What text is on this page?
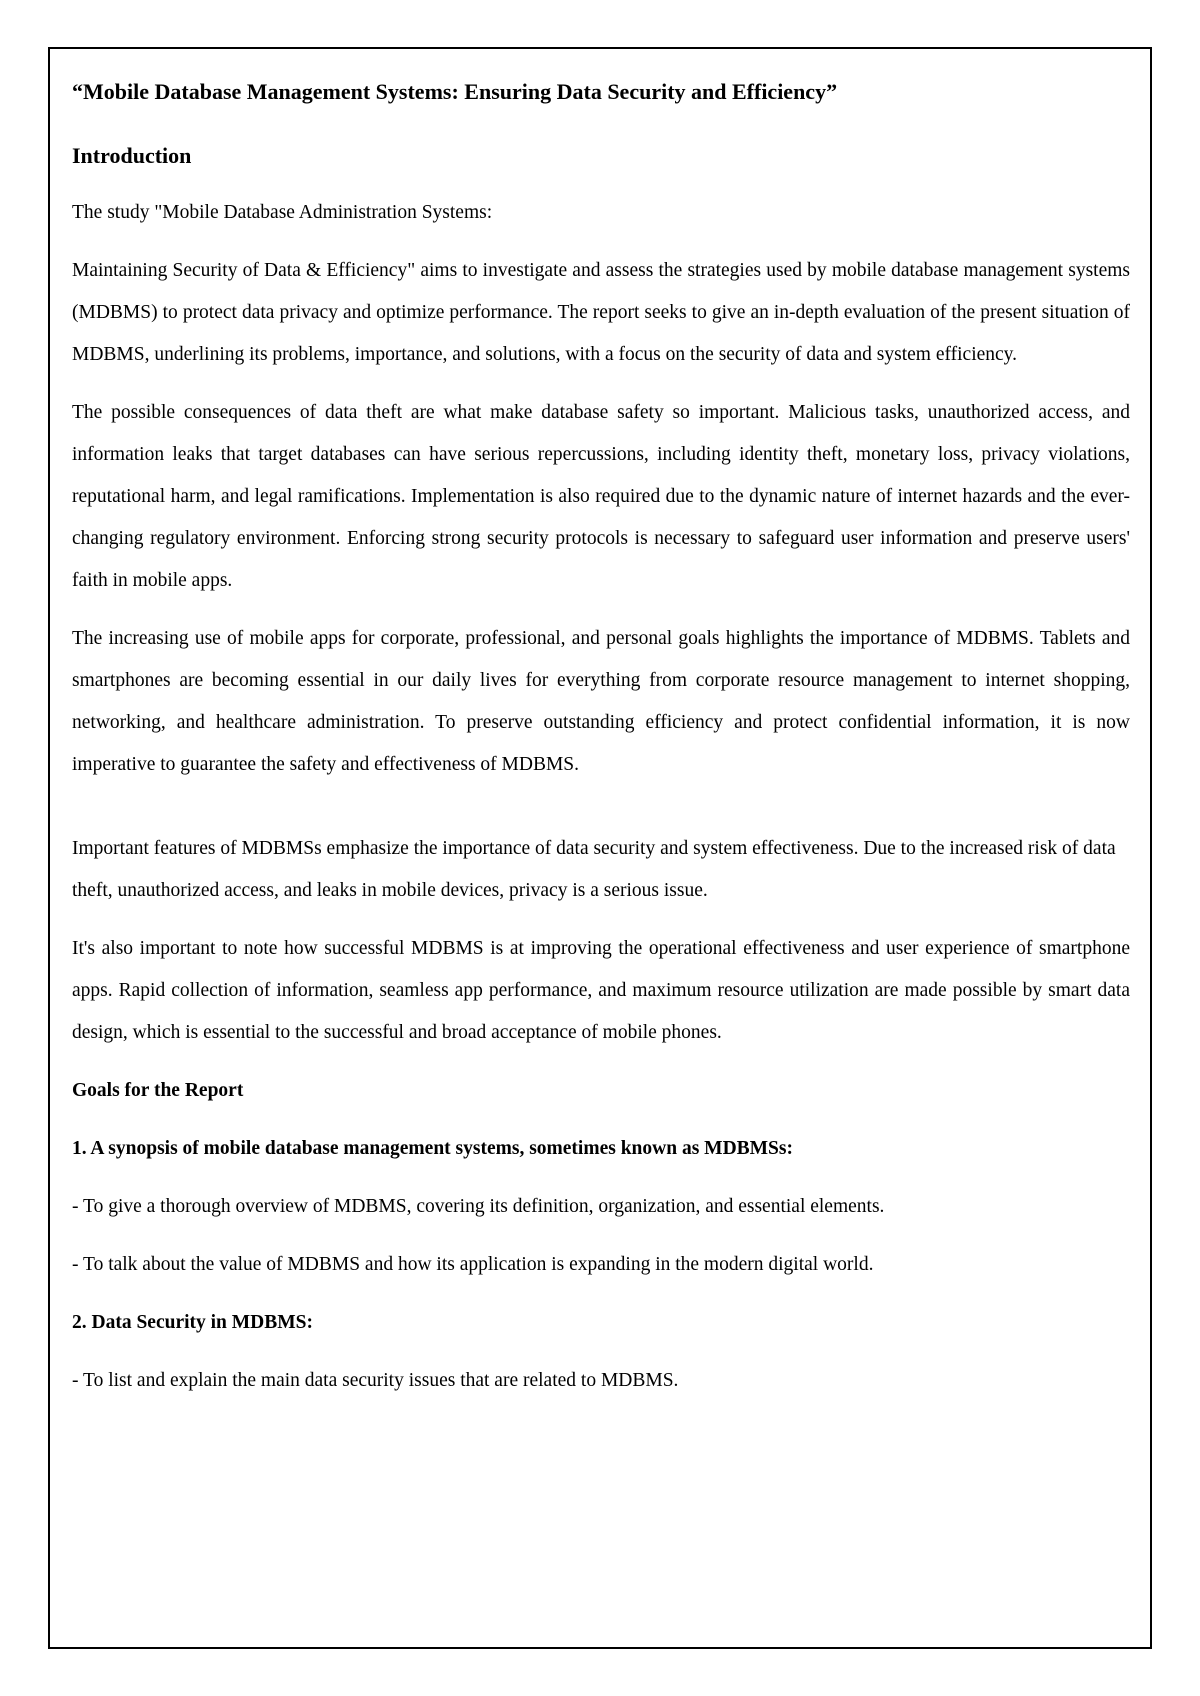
“Mobile Database Management Systems: Ensuring Data Security and Efficiency”
Introduction

The study "Mobile Database Administration Systems:

Maintaining Security of Data & Efficiency" aims to investigate and assess the strategies used by mobile database management systems (MDBMS) to protect data privacy and optimize performance. The report seeks to give an in-depth evaluation of the present situation of MDBMS, underlining its problems, importance, and solutions, with a focus on the security of data and system efficiency.

The possible consequences of data theft are what make database safety so important. Malicious tasks, unauthorized access, and information leaks that target databases can have serious repercussions, including identity theft, monetary loss, privacy violations, reputational harm, and legal ramifications. Implementation is also required due to the dynamic nature of internet hazards and the ever-changing regulatory environment. Enforcing strong security protocols is necessary to safeguard user information and preserve users' faith in mobile apps.

The increasing use of mobile apps for corporate, professional, and personal goals highlights the importance of MDBMS. Tablets and smartphones are becoming essential in our daily lives for everything from corporate resource management to internet shopping, networking, and healthcare administration. To preserve outstanding efficiency and protect confidential information, it is now imperative to guarantee the safety and effectiveness of MDBMS.

Important features of MDBMSs emphasize the importance of data security and system effectiveness. Due to the increased risk of data theft, unauthorized access, and leaks in mobile devices, privacy is a serious issue.

It's also important to note how successful MDBMS is at improving the operational effectiveness and user experience of smartphone apps. Rapid collection of information, seamless app performance, and maximum resource utilization are made possible by smart data design, which is essential to the successful and broad acceptance of mobile phones.

Goals for the Report
1. A synopsis of mobile database management systems, sometimes known as MDBMSs:
- To give a thorough overview of MDBMS, covering its definition, organization, and essential elements.
- To talk about the value of MDBMS and how its application is expanding in the modern digital world.
2. Data Security in MDBMS:
- To list and explain the main data security issues that are related to MDBMS.
